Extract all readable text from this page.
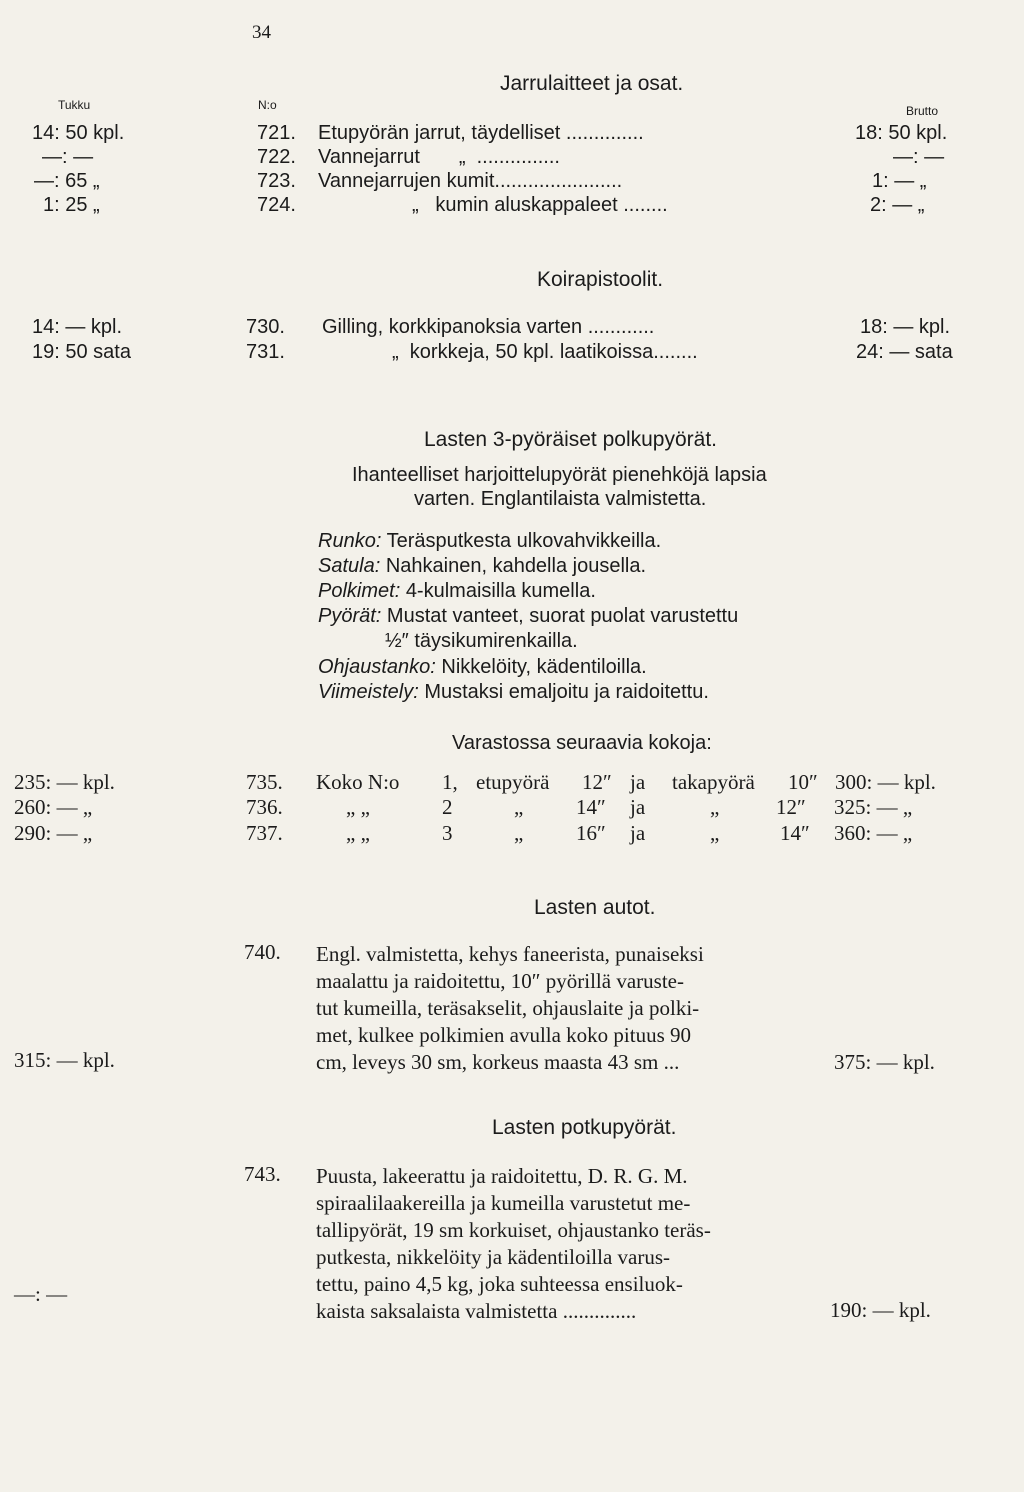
34
Tukku	N:o	Brutto
Jarrulaitteet ja osat.
14: 50 kpl.	721. Etupyörän jarrut, täydelliset ..............	18: 50 kpl.
—: —	722. Vannejarrut „ ...............	—: —
—: 65 „	723. Vannejarrujen kumit.......................	1: — „
1: 25 „	724.	„ kumin aluskappaleet ........	2: — „
Koirapistoolit.
14: — kpl.	730. Gilling, korkkipanoksia varten ............	18: — kpl.
19: 50 sata	731.	„ korkkeja, 50 kpl. laatikoissa........	24: — sata
Lasten 3-pyöräiset polkupyörät.
Ihanteelliset harjoittelupyörät pienehköjä lapsia
varten. Englantilaista valmistetta.
Runko: Teräsputkesta ulkovahvikkeilla.
Satula: Nahkainen, kahdella jousella.
Polkimet: 4-kulmaisilla kumella.
Pyörät: Mustat vanteet, suorat puolat varustettu
½″ täysikumirenkailla.
Ohjaustanko: Nikkelöity, kädentiloilla.
Viimeistely: Mustaksi emaljoitu ja raidoitettu.
Varastossa seuraavia kokoja:
235: — kpl.	735. Koko N:o 1, etupyörä 12″ ja takapyörä 10″ 300: — kpl.
260: — „	736.	„ „	2	„	14″ ja	„	12″ 325: — „
290: — „	737.	„ „	3	„	16″ ja	„	14″ 360: — „
Lasten autot.
740. Engl. valmistetta, kehys faneerista, punaiseksi
maalattu ja raidoitettu, 10″ pyörillä varuste-
tut kumeilla, teräsakselit, ohjauslaite ja polki-
met, kulkee polkimien avulla koko pituus 90
cm, leveys 30 sm, korkeus maasta 43 sm ...
315: — kpl.	375: — kpl.
Lasten potkupyörät.
743. Puusta, lakeerattu ja raidoitettu, D. R. G. M.
spiraalilaakereilla ja kumeilla varustetut me-
tallipyörät, 19 sm korkuiset, ohjaustanko teräs-
putkesta, nikkelöity ja kädentiloilla varus-
tettu, paino 4,5 kg, joka suhteessa ensiluok-
kaista saksalaista valmistetta ..............
—: —
190: — kpl.
